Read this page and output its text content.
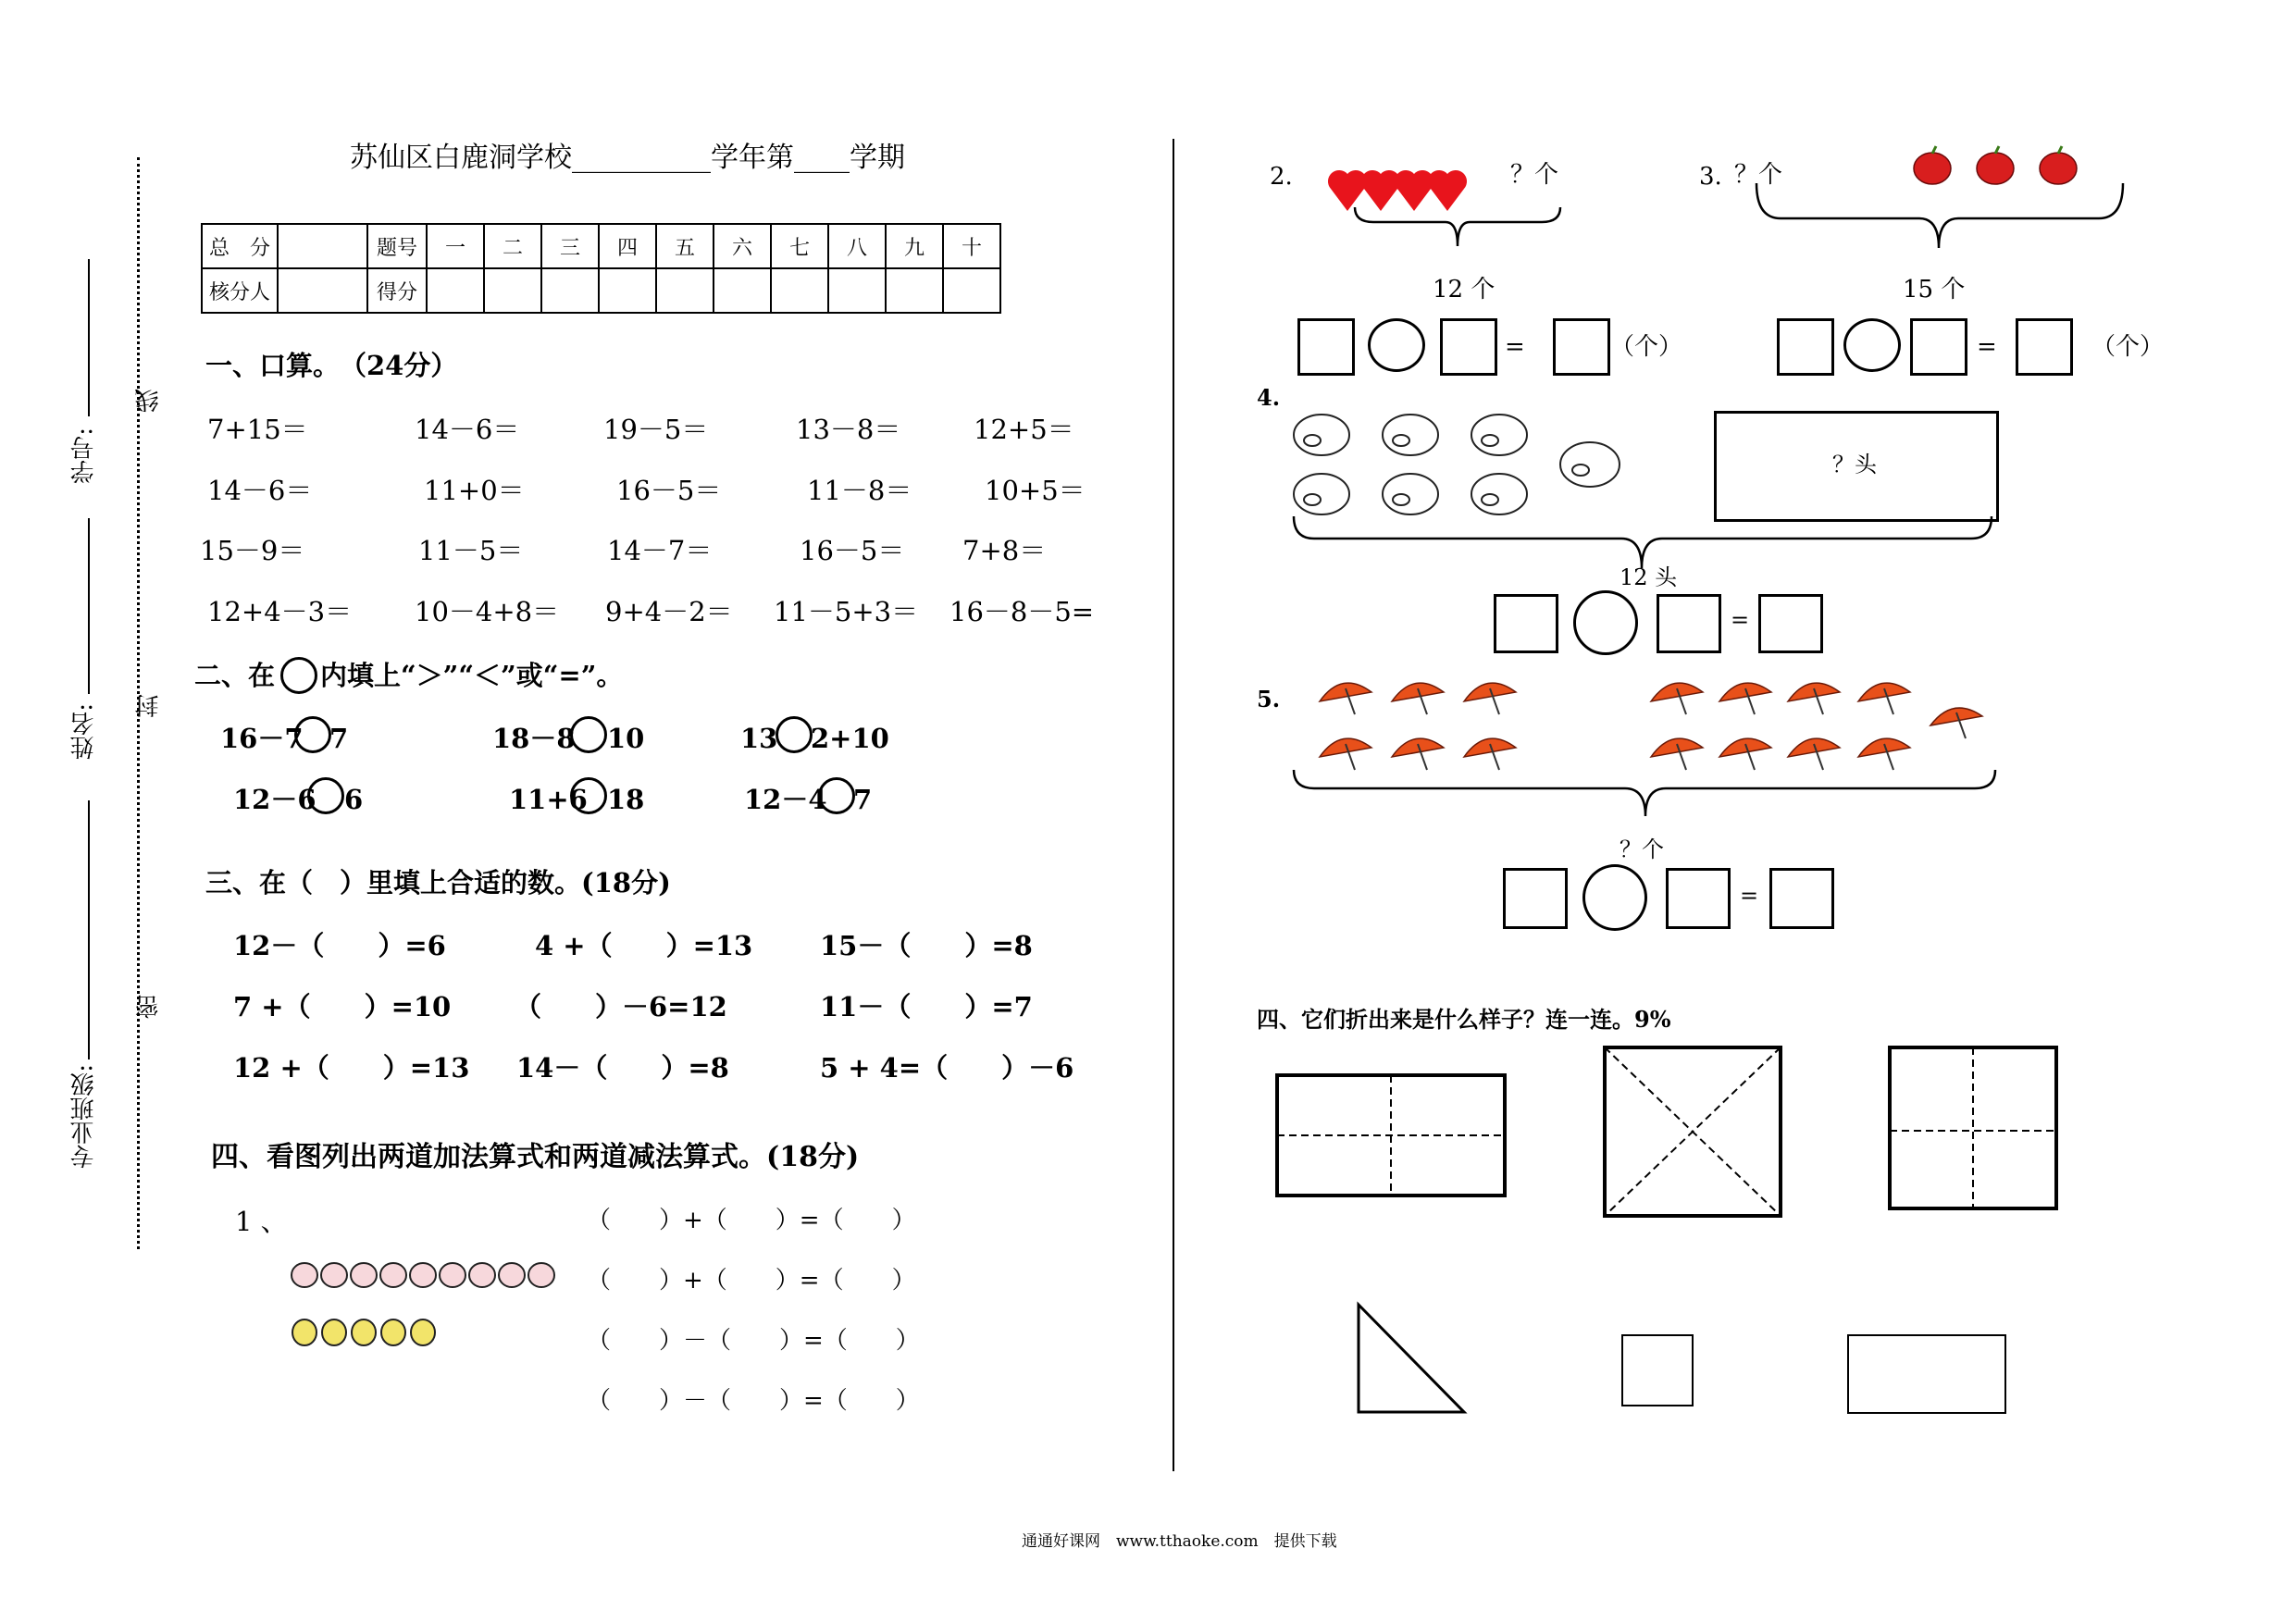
线
封
密
学号:
姓名:
专业班级:
苏仙区白鹿洞学校__________学年第____学期
总　分		题号	一	二	三	四	五	六	七	八	九	十
核分人		得分										
一、口算。　（24分）
7+15＝	14－6＝	19－5＝	13－8＝	12+5＝
14－6＝	11+0＝	16－5＝	11－8＝	10+5＝
15－9＝	11－5＝	14－7＝	16－5＝ 7+8＝
12+4－3＝ 10－4+8＝ 9+4－2＝ 11－5+3＝ 16－8－5=
二、在 内填上“＞”“＜”或“=”。
16－7 7	18－8 10	13 2+10
12－6 6	11+6 18	12－4 7
三、在（　）里填上合适的数。(18分)
12－（　　）=6	4 +（　　）=13	15－（　　）=8
7 +（　　）=10 （　　）－6=12	11－（　　）=7
12 +（　　）=13 14－（　　）=8	5 + 4=（　　）－6
四、看图列出两道加法算式和两道减法算式。(18分)
1 、	（　　）+（　　）=（　　）
（　　）+（　　）=（　　）
（　　）－（　　）=（　　）
（　　）－（　　）=（　　）
2.	？个
12 个
=	（个）
3. ？个
15 个
=	（个）
4.
？头
12 头
=
5.
？个
=
四、它们折出来是什么样子？连一连。9%
通通好课网　www.tthaoke.com　提供下载
